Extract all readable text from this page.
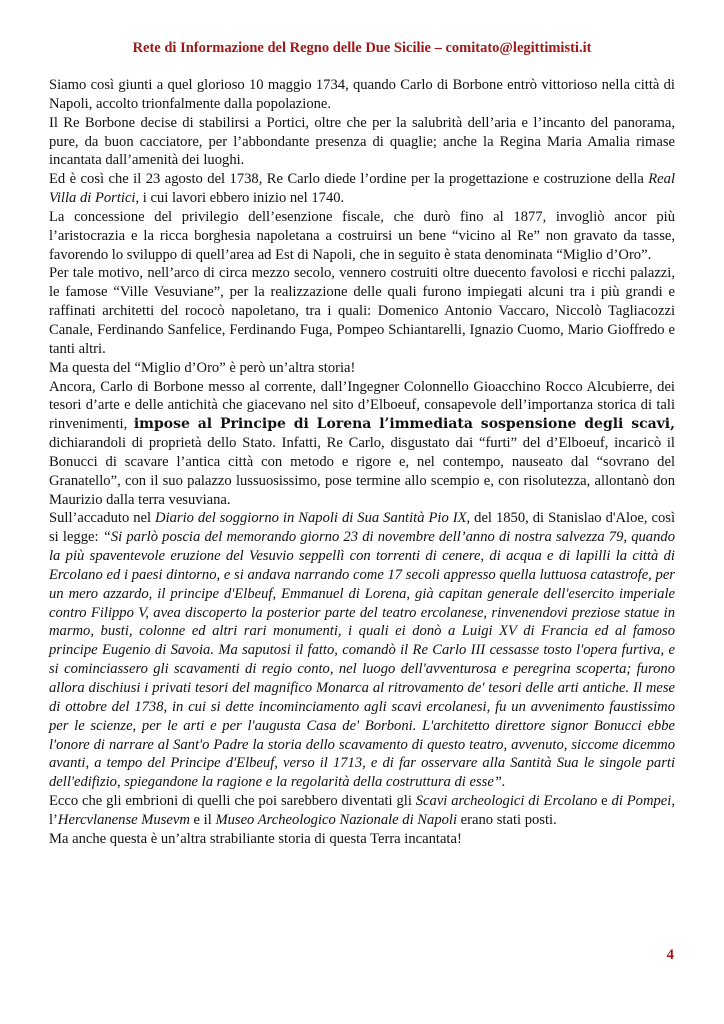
Rete di Informazione del Regno delle Due Sicilie – comitato@legittimisti.it

Siamo così giunti a quel glorioso 10 maggio 1734, quando Carlo di Borbone entrò vittorioso nella città di Napoli, accolto trionfalmente dalla popolazione.

Il Re Borbone decise di stabilirsi a Portici, oltre che per la salubrità dell’aria e l’incanto del panorama, pure, da buon cacciatore, per l’abbondante presenza di quaglie; anche la Regina Maria Amalia rimase incantata dall’amenità dei luoghi.

Ed è così che il 23 agosto del 1738, Re Carlo diede l’ordine per la progettazione e costruzione della Real Villa di Portici, i cui lavori ebbero inizio nel 1740.

La concessione del privilegio dell’esenzione fiscale, che durò fino al 1877, invogliò ancor più l’aristocrazia e la ricca borghesia napoletana a costruirsi un bene “vicino al Re” non gravato da tasse, favorendo lo sviluppo di quell’area ad Est di Napoli, che in seguito è stata denominata “Miglio d’Oro”.

Per tale motivo, nell’arco di circa mezzo secolo, vennero costruiti oltre duecento favolosi e ricchi palazzi, le famose “Ville Vesuviane”, per la realizzazione delle quali furono impiegati alcuni tra i più grandi e raffinati architetti del rococò napoletano, tra i quali: Domenico Antonio Vaccaro, Niccolò Tagliacozzi Canale, Ferdinando Sanfelice, Ferdinando Fuga, Pompeo Schiantarelli, Ignazio Cuomo, Mario Gioffredo e tanti altri.

Ma questa del “Miglio d’Oro” è però un’altra storia!

Ancora, Carlo di Borbone messo al corrente, dall’Ingegner Colonnello Gioacchino Rocco Alcubierre, dei tesori d’arte e delle antichità che giacevano nel sito d’Elboeuf, consapevole dell’importanza storica di tali rinvenimenti, impose al Principe di Lorena l’immediata sospensione degli scavi, dichiarandoli di proprietà dello Stato. Infatti, Re Carlo, disgustato dai “furti” del d’Elboeuf, incaricò il Bonucci di scavare l’antica città con metodo e rigore e, nel contempo, nauseato dal “sovrano del Granatello”, con il suo palazzo lussuosissimo, pose termine allo scempio e, con risolutezza, allontanò don Maurizio dalla terra vesuviana.

Sull’accaduto nel Diario del soggiorno in Napoli di Sua Santità Pio IX, del 1850, di Stanislao d'Aloe, così si legge: “Si parlò poscia del memorando giorno 23 di novembre dell’anno di nostra salvezza 79, quando la più spaventevole eruzione del Vesuvio seppellì con torrenti di cenere, di acqua e di lapilli la città di Ercolano ed i paesi dintorno, e si andava narrando come 17 secoli appresso quella luttuosa catastrofe, per un mero azzardo, il principe d'Elbeuf, Emmanuel di Lorena, già capitan generale dell'esercito imperiale contro Filippo V, avea discoperto la posterior parte del teatro ercolanese, rinvenendovi preziose statue in marmo, busti, colonne ed altri rari monumenti, i quali ei donò a Luigi XV di Francia ed al famoso principe Eugenio di Savoia. Ma saputosi il fatto, comandò il Re Carlo III cessasse tosto l'opera furtiva, e si cominciassero gli scavamenti di regio conto, nel luogo dell'avventurosa e peregrina scoperta; furono allora dischiusi i privati tesori del magnifico Monarca al ritrovamento de' tesori delle arti antiche. Il mese di ottobre del 1738, in cui si dette incominciamento agli scavi ercolanesi, fu un avvenimento faustissimo per le scienze, per le arti e per l'augusta Casa de' Borboni. L'architetto direttore signor Bonucci ebbe l'onore di narrare al Sant'o Padre la storia dello scavamento di questo teatro, avvenuto, siccome dicemmo avanti, a tempo del Principe d'Elbeuf, verso il 1713, e di far osservare alla Santità Sua le singole parti dell'edifizio, spiegandone la ragione e la regolarità della costruttura di esse”.

Ecco che gli embrioni di quelli che poi sarebbero diventati gli Scavi archeologici di Ercolano e di Pompei, l’Hercvlanense Musevm e il Museo Archeologico Nazionale di Napoli erano stati posti.

Ma anche questa è un’altra strabiliante storia di questa Terra incantata!

4
